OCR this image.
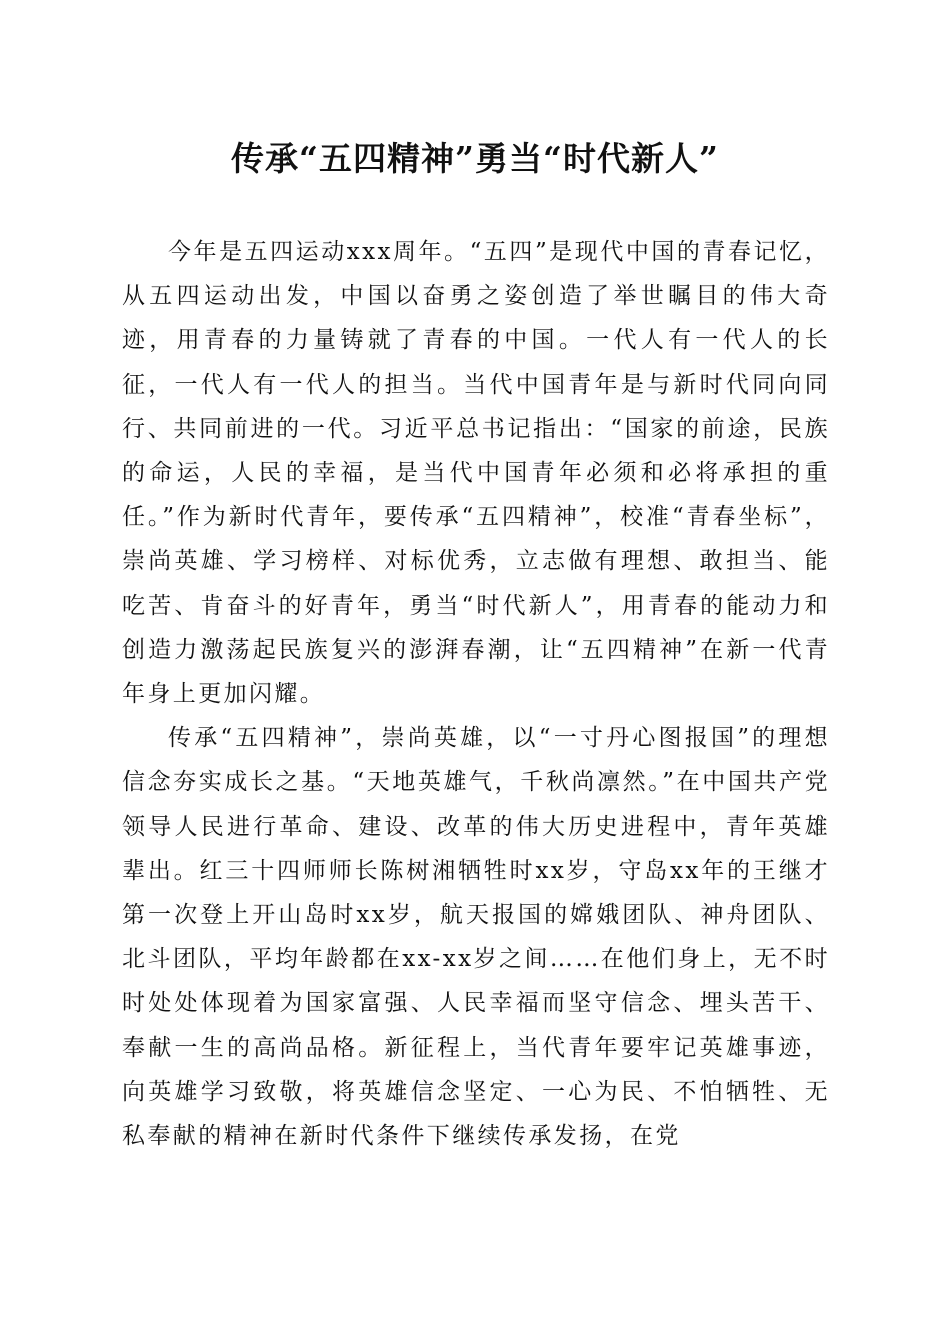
传承“五四精神”勇当“时代新人”

今年是五四运动xxx周年。“五四”是现代中国的青春记忆，从五四运动出发，中国以奋勇之姿创造了举世瞩目的伟大奇迹，用青春的力量铸就了青春的中国。一代人有一代人的长征，一代人有一代人的担当。当代中国青年是与新时代同向同行、共同前进的一代。习近平总书记指出：“国家的前途，民族的命运，人民的幸福，是当代中国青年必须和必将承担的重任。”作为新时代青年，要传承“五四精神”，校准“青春坐标”，崇尚英雄、学习榜样、对标优秀，立志做有理想、敢担当、能吃苦、肯奋斗的好青年，勇当“时代新人”，用青春的能动力和创造力激荡起民族复兴的澎湃春潮，让“五四精神”在新一代青年身上更加闪耀。

传承“五四精神”，崇尚英雄，以“一寸丹心图报国”的理想信念夯实成长之基。“天地英雄气，千秋尚凛然。”在中国共产党领导人民进行革命、建设、改革的伟大历史进程中，青年英雄辈出。红三十四师师长陈树湘牺牲时xx岁，守岛xx年的王继才第一次登上开山岛时xx岁，航天报国的嫦娥团队、神舟团队、北斗团队，平均年龄都在xx-xx岁之间……在他们身上，无不时时处处体现着为国家富强、人民幸福而坚守信念、埋头苦干、奉献一生的高尚品格。新征程上，当代青年要牢记英雄事迹，向英雄学习致敬，将英雄信念坚定、一心为民、不怕牺牲、无私奉献的精神在新时代条件下继续传承发扬，在党
